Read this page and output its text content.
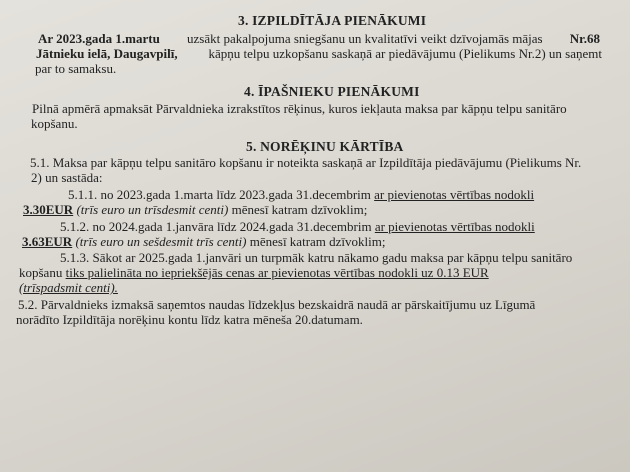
3. IZPILDĪTĀJA PIENĀKUMI
Ar 2023.gada 1.martu uzsākt pakalpojuma sniegšanu un kvalitatīvi veikt dzīvojamās mājas Nr.68
Jātnieku ielā, Daugavpilī, kāpņu telpu uzkopšanu saskaņā ar piedāvājumu (Pielikums Nr.2) un saņemt
par to samaksu.
4. ĪPAŠNIEKU PIENĀKUMI
Pilnā apmērā apmaksāt Pārvaldnieka izrakstītos rēķinus, kuros iekļauta maksa par kāpņu telpu sanitāro
kopšanu.
5. NORĒĶINU KĀRTĪBA
5.1. Maksa par kāpņu telpu sanitāro kopšanu ir noteikta saskaņā ar Izpildītāja piedāvājumu (Pielikums Nr.
2) un sastāda:
5.1.1. no 2023.gada 1.marta līdz 2023.gada 31.decembrim ar pievienotas vērtības nodokli
3.30EUR (trīs euro un trīsdesmit centi) mēnesī katram dzīvoklim;
5.1.2. no 2024.gada 1.janvāra līdz 2024.gada 31.decembrim ar pievienotas vērtības nodokli
3.63EUR (trīs euro un sešdesmit trīs centi) mēnesī katram dzīvoklim;
5.1.3. Sākot ar 2025.gada 1.janvāri un turpmāk katru nākamo gadu maksa par kāpņu telpu sanitāro
kopšanu tiks palielināta no iepriekšējās cenas ar pievienotas vērtības nodokli uz 0.13 EUR
(trīspadsmit centi).
5.2. Pārvaldnieks izmaksā saņemtos naudas līdzekļus bezskaidrā naudā ar pārskaitījumu uz Līgumā
norādīto Izpildītāja norēķinu kontu līdz katra mēneša 20.datumam.
